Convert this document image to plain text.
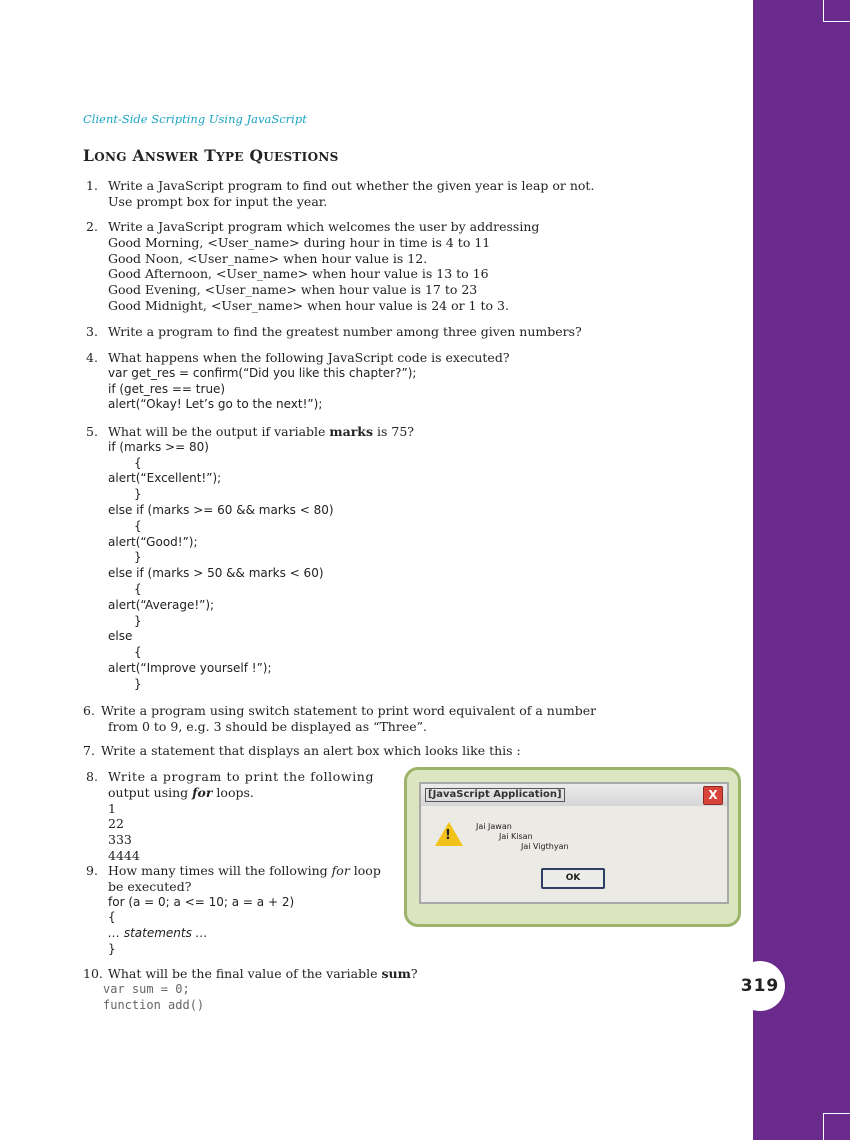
319
Client-Side Scripting Using JavaScript
LONG ANSWER TYPE QUESTIONS
1. Write a JavaScript program to find out whether the given year is leap or not.
Use prompt box for input the year.
2. Write a JavaScript program which welcomes the user by addressing
Good Morning, <User_name> during hour in time is 4 to 11
Good Noon, <User_name> when hour value is 12.
Good Afternoon, <User_name> when hour value is 13 to 16
Good Evening, <User_name> when hour value is 17 to 23
Good Midnight, <User_name> when hour value is 24 or 1 to 3.
3. Write a program to find the greatest number among three given numbers?
4. What happens when the following JavaScript code is executed?
var get_res = confirm(“Did you like this chapter?”);
if (get_res == true)
alert(“Okay! Let’s go to the next!”);
5. What will be the output if variable marks is 75?
if (marks >= 80)
{
alert(“Excellent!”);
}
else if (marks >= 60 && marks < 80)
{
alert(“Good!”);
}
else if (marks > 50 && marks < 60)
{
alert(“Average!”);
}
else
{
alert(“Improve yourself !”);
}
6. Write a program using switch statement to print word equivalent of a number
from 0 to 9, e.g. 3 should be displayed as “Three”.
7. Write a statement that displays an alert box which looks like this :
8. Write a program to print the following
output using for loops.
1
22
333
4444
9. How many times will the following for loop
be executed?
for (a = 0; a <= 10; a = a + 2)
{
… statements …
}
10. What will be the final value of the variable sum?
var sum = 0;
function add()
[JavaScript Application]	X
!
Jai Jawan
Jai Kisan
Jai Vigthyan
OK
